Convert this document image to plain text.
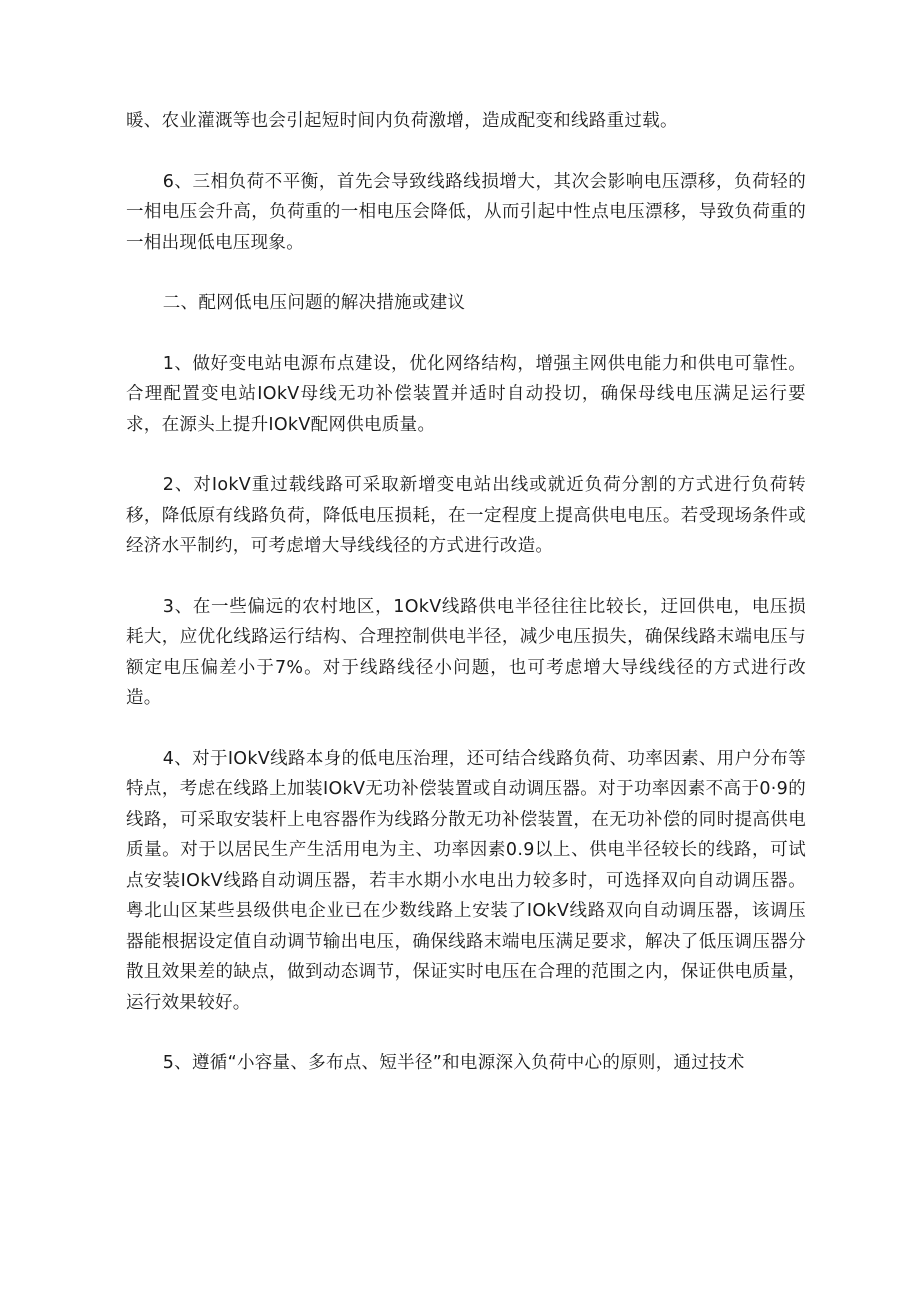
暖、农业灌溉等也会引起短时间内负荷激增，造成配变和线路重过载。

6、三相负荷不平衡，首先会导致线路线损增大，其次会影响电压漂移，负荷轻的一相电压会升高，负荷重的一相电压会降低，从而引起中性点电压漂移，导致负荷重的一相出现低电压现象。

二、配网低电压问题的解决措施或建议

1、做好变电站电源布点建设，优化网络结构，增强主网供电能力和供电可靠性。合理配置变电站IOkV母线无功补偿装置并适时自动投切，确保母线电压满足运行要求，在源头上提升IOkV配网供电质量。

2、对IokV重过载线路可采取新增变电站出线或就近负荷分割的方式进行负荷转移，降低原有线路负荷，降低电压损耗，在一定程度上提高供电电压。若受现场条件或经济水平制约，可考虑增大导线线径的方式进行改造。

3、在一些偏远的农村地区，1OkV线路供电半径往往比较长，迂回供电，电压损耗大，应优化线路运行结构、合理控制供电半径，减少电压损失，确保线路末端电压与额定电压偏差小于7%。对于线路线径小问题，也可考虑增大导线线径的方式进行改造。

4、对于IOkV线路本身的低电压治理，还可结合线路负荷、功率因素、用户分布等特点，考虑在线路上加装IOkV无功补偿装置或自动调压器。对于功率因素不高于0·9的线路，可采取安装杆上电容器作为线路分散无功补偿装置，在无功补偿的同时提高供电质量。对于以居民生产生活用电为主、功率因素0.9以上、供电半径较长的线路，可试点安装IOkV线路自动调压器，若丰水期小水电出力较多时，可选择双向自动调压器。粤北山区某些县级供电企业已在少数线路上安装了IOkV线路双向自动调压器，该调压器能根据设定值自动调节输出电压，确保线路末端电压满足要求，解决了低压调压器分散且效果差的缺点，做到动态调节，保证实时电压在合理的范围之内，保证供电质量，运行效果较好。

5、遵循“小容量、多布点、短半径”和电源深入负荷中心的原则，通过技术
